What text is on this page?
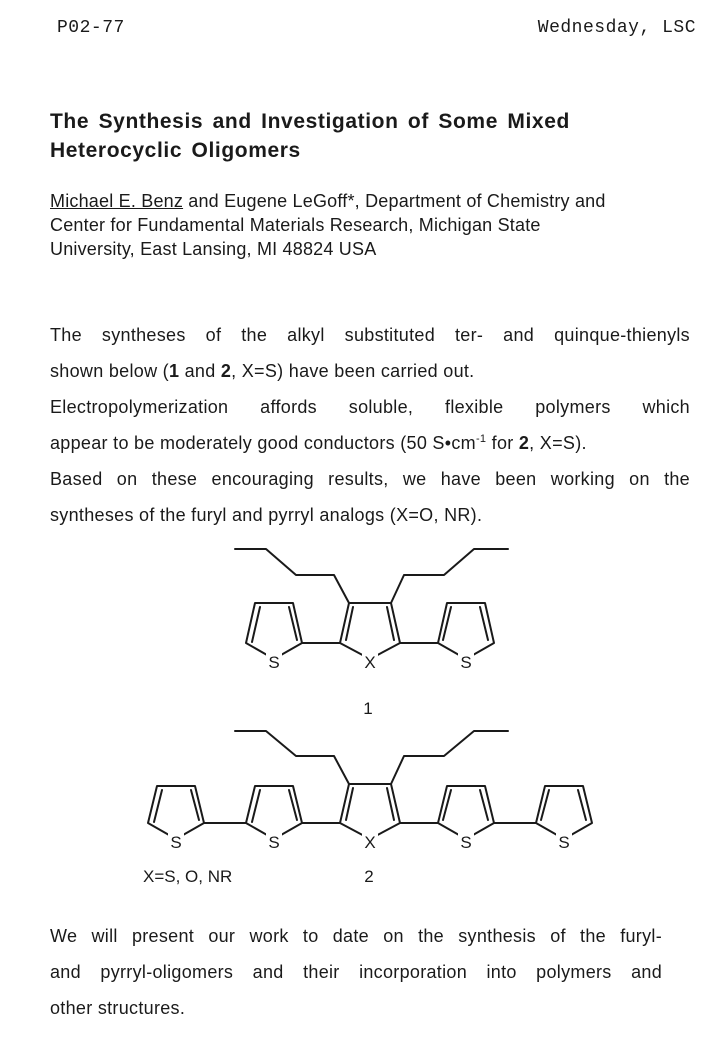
P02-77	Wednesday, LSC
The Synthesis and Investigation of Some Mixed
Heterocyclic Oligomers
Michael E. Benz and Eugene LeGoff*, Department of Chemistry and
Center for Fundamental Materials Research, Michigan State
University, East Lansing, MI 48824 USA
The syntheses of the alkyl substituted ter- and quinque-thienyls
shown below (1 and 2, X=S) have been carried out.
Electropolymerization affords soluble, flexible polymers which
appear to be moderately good conductors (50 $S•cm^{-1}$ for 2, X=S).
Based on these encouraging results, we have been working on the
syntheses of the furyl and pyrryl analogs (X=O, NR).
S	X	S
S	S	X	S	S
1
2
X=S, O, NR
We will present our work to date on the synthesis of the furyl-
and pyrryl-oligomers and their incorporation into polymers and
other structures.
